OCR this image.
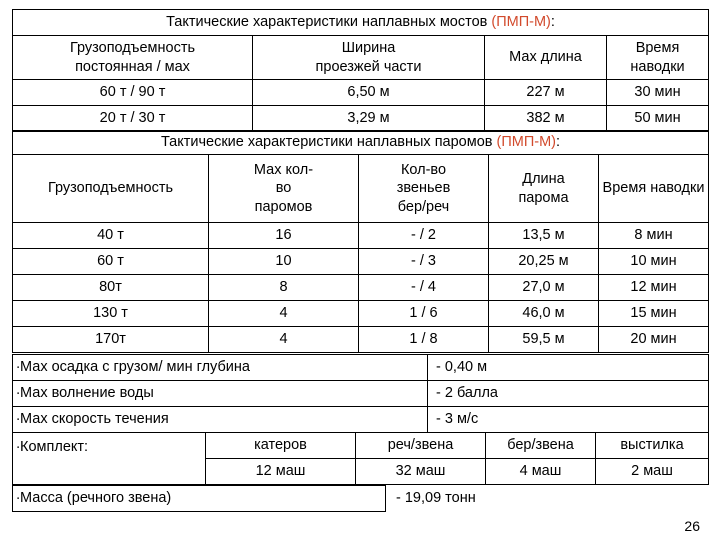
Тактические характеристики наплавных мостов (ПМП-М):			
Грузоподъемность постоянная / мах	Ширина проезжей части	Мах длина	Время наводки
60 т / 90 т	6,50 м	227 м	30 мин
20 т / 30 т	3,29 м	382 м	50 мин
Тактические характеристики наплавных паромов (ПМП-М):				
Грузоподъемность	Мах кол-во паромов	Кол-во звеньев бер/реч	Длина парома	Время наводки
40 т	16	- / 2	13,5 м	8 мин
60 т	10	- / 3	20,25 м	10 мин
80т	8	- / 4	27,0 м	12 мин
130 т	4	1 / 6	46,0 м	15 мин
170т	4	1 / 8	59,5 м	20 мин
∙Мах осадка с грузом/ мин глубина	- 0,40 м
∙Мах волнение воды	- 2 балла
∙Мах скорость течения	- 3 м/с
∙Комплект:	катеров	реч/звена	бер/звена	выстилка
	12 маш	32 маш	4 маш	2 маш
∙Масса (речного звена)	- 19,09 тонн
26
